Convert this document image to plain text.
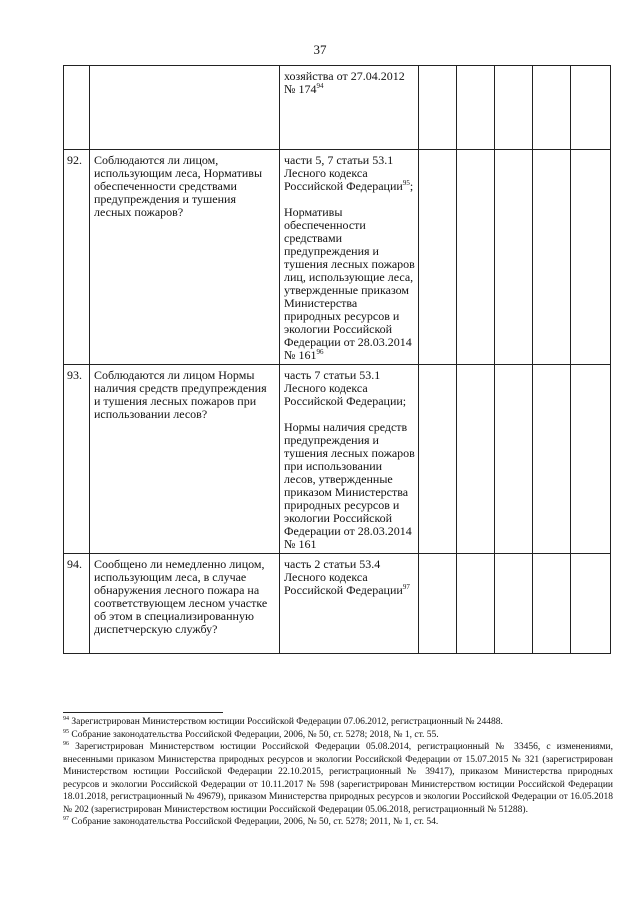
37

		хозяйства от 27.04.2012 № $174^{94}$

92.	Соблюдаются ли лицом, использующим леса, Нормативы обеспеченности средствами предупреждения и тушения лесных пожаров?	части 5, 7 статьи 53.1 Лесного кодекса Российской Федерации$^{95}$;
Нормативы обеспеченности средствами предупреждения и тушения лесных пожаров лиц, использующие леса, утвержденные приказом Министерства природных ресурсов и экологии Российской Федерации от 28.03.2014 № $161^{96}$

93.	Соблюдаются ли лицом Нормы наличия средств предупреждения и тушения лесных пожаров при использовании лесов?	часть 7 статьи 53.1 Лесного кодекса Российской Федерации;
Нормы наличия средств предупреждения и тушения лесных пожаров при использовании лесов, утвержденные приказом Министерства природных ресурсов и экологии Российской Федерации от 28.03.2014 № 161					

94.	Сообщено ли немедленно лицом, использующим леса, в случае обнаружения лесного пожара на соответствующем лесном участке об этом в специализированную диспетчерскую службу?	часть 2 статьи 53.4 Лесного кодекса Российской Федерации$^{97}$

$^{94}$ Зарегистрирован Министерством юстиции Российской Федерации 07.06.2012, регистрационный № 24488.

$^{95}$ Собрание законодательства Российской Федерации, 2006, № 50, ст. 5278; 2018, № 1, ст. 55.

$^{96}$ Зарегистрирован Министерством юстиции Российской Федерации 05.08.2014, регистрационный № 33456, с изменениями, внесенными приказом Министерства природных ресурсов и экологии Российской Федерации от 15.07.2015 № 321 (зарегистрирован Министерством юстиции Российской Федерации 22.10.2015, регистрационный № 39417), приказом Министерства природных ресурсов и экологии Российской Федерации от 10.11.2017 № 598 (зарегистрирован Министерством юстиции Российской Федерации 18.01.2018, регистрационный № 49679), приказом Министерства природных ресурсов и экологии Российской Федерации от 16.05.2018 № 202 (зарегистрирован Министерством юстиции Российской Федерации 05.06.2018, регистрационный № 51288).

$^{97}$ Собрание законодательства Российской Федерации, 2006, № 50, ст. 5278; 2011, № 1, ст. 54.
